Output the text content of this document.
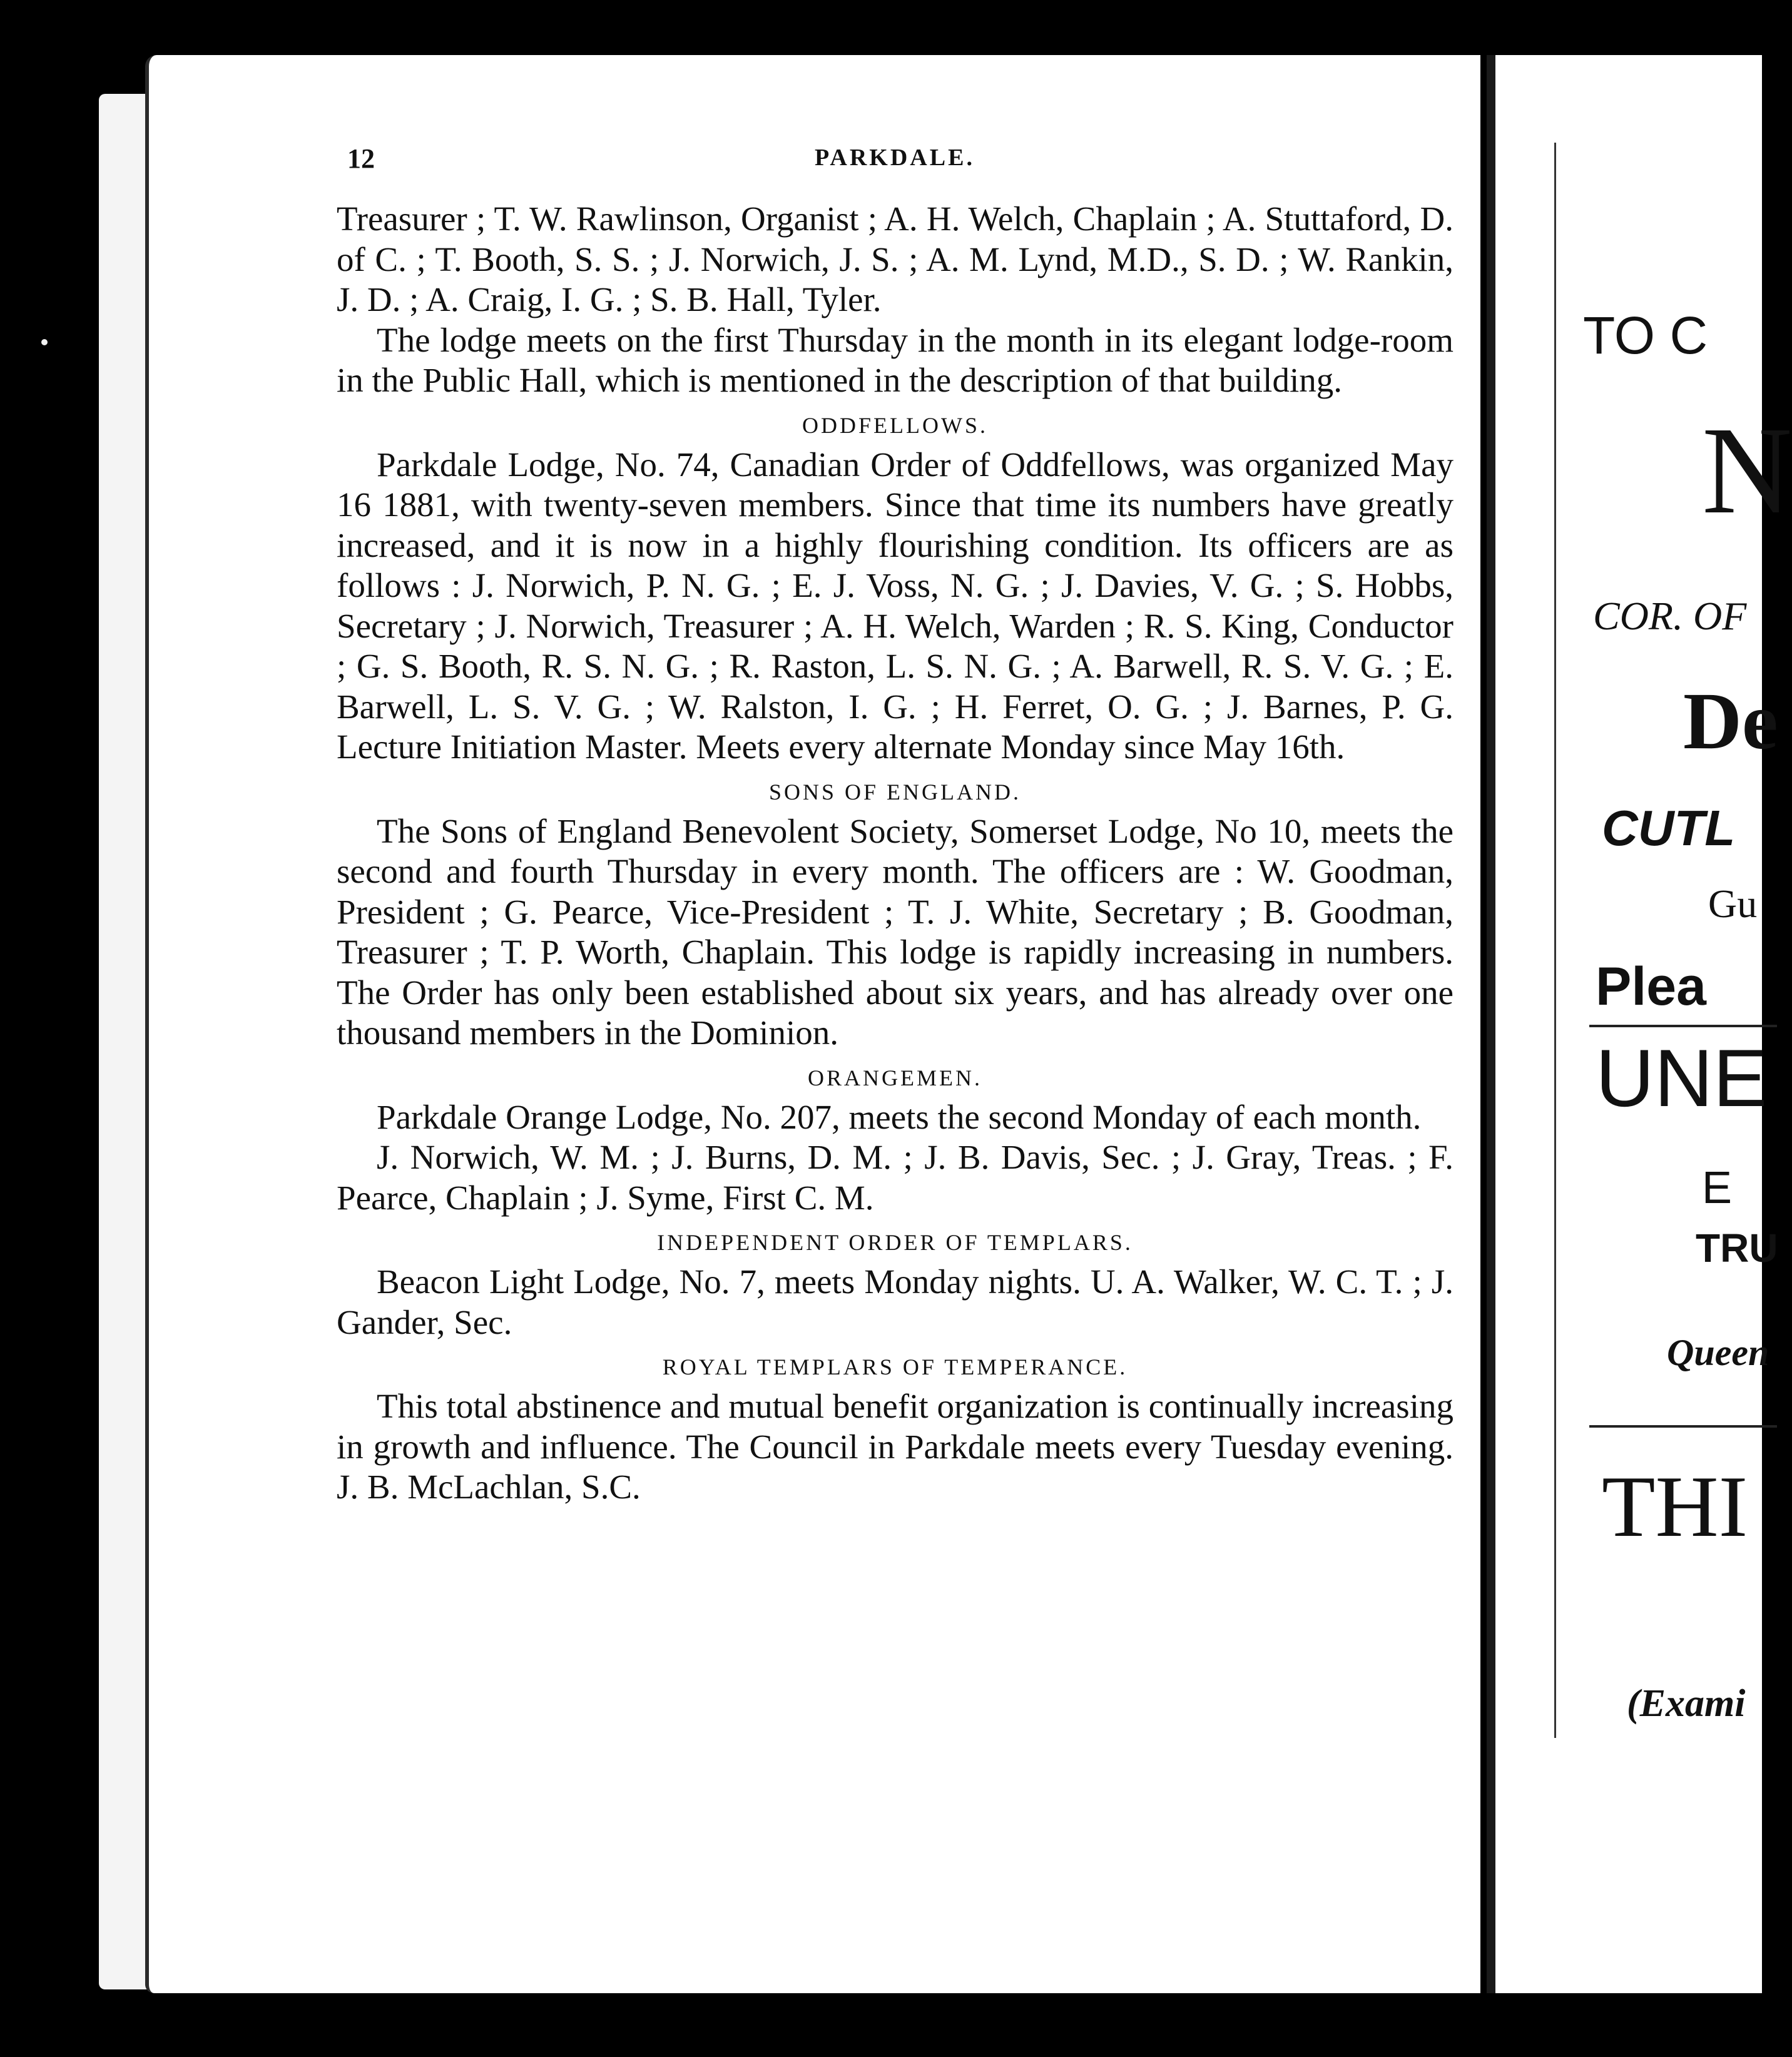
TO C
N
COR. OF
De
CUTL
Gu
Plea
UNE
E
TRU
Queen
THI
(Exami
12	PARKDALE.

Treasurer ; T. W. Rawlinson, Organist ; A. H. Welch, Chaplain ; A. Stuttaford, D. of C. ; T. Booth, S. S. ; J. Norwich, J. S. ; A. M. Lynd, M.D., S. D. ; W. Rankin, J. D. ; A. Craig, I. G. ; S. B. Hall, Tyler.

The lodge meets on the first Thursday in the month in its elegant lodge-room in the Public Hall, which is mentioned in the description of that building.

ODDFELLOWS.

Parkdale Lodge, No. 74, Canadian Order of Oddfellows, was organized May 16 1881, with twenty-seven members. Since that time its numbers have greatly increased, and it is now in a highly flourishing condition. Its officers are as follows : J. Norwich, P. N. G. ; E. J. Voss, N. G. ; J. Davies, V. G. ; S. Hobbs, Secretary ; J. Norwich, Treasurer ; A. H. Welch, Warden ; R. S. King, Conductor ; G. S. Booth, R. S. N. G. ; R. Raston, L. S. N. G. ; A. Barwell, R. S. V. G. ; E. Barwell, L. S. V. G. ; W. Ralston, I. G. ; H. Ferret, O. G. ; J. Barnes, P. G. Lecture Initiation Master. Meets every alternate Monday since May 16th.

SONS OF ENGLAND.

The Sons of England Benevolent Society, Somerset Lodge, No 10, meets the second and fourth Thursday in every month. The officers are : W. Goodman, President ; G. Pearce, Vice-President ; T. J. White, Secretary ; B. Goodman, Treasurer ; T. P. Worth, Chaplain. This lodge is rapidly increasing in numbers. The Order has only been established about six years, and has already over one thousand members in the Dominion.

ORANGEMEN.

Parkdale Orange Lodge, No. 207, meets the second Monday of each month.

J. Norwich, W. M. ; J. Burns, D. M. ; J. B. Davis, Sec. ; J. Gray, Treas. ; F. Pearce, Chaplain ; J. Syme, First C. M.

INDEPENDENT ORDER OF TEMPLARS.

Beacon Light Lodge, No. 7, meets Monday nights. U. A. Walker, W. C. T. ; J. Gander, Sec.

ROYAL TEMPLARS OF TEMPERANCE.

This total abstinence and mutual benefit organization is continually increasing in growth and influence. The Council in Parkdale meets every Tuesday evening. J. B. McLachlan, S.C.
